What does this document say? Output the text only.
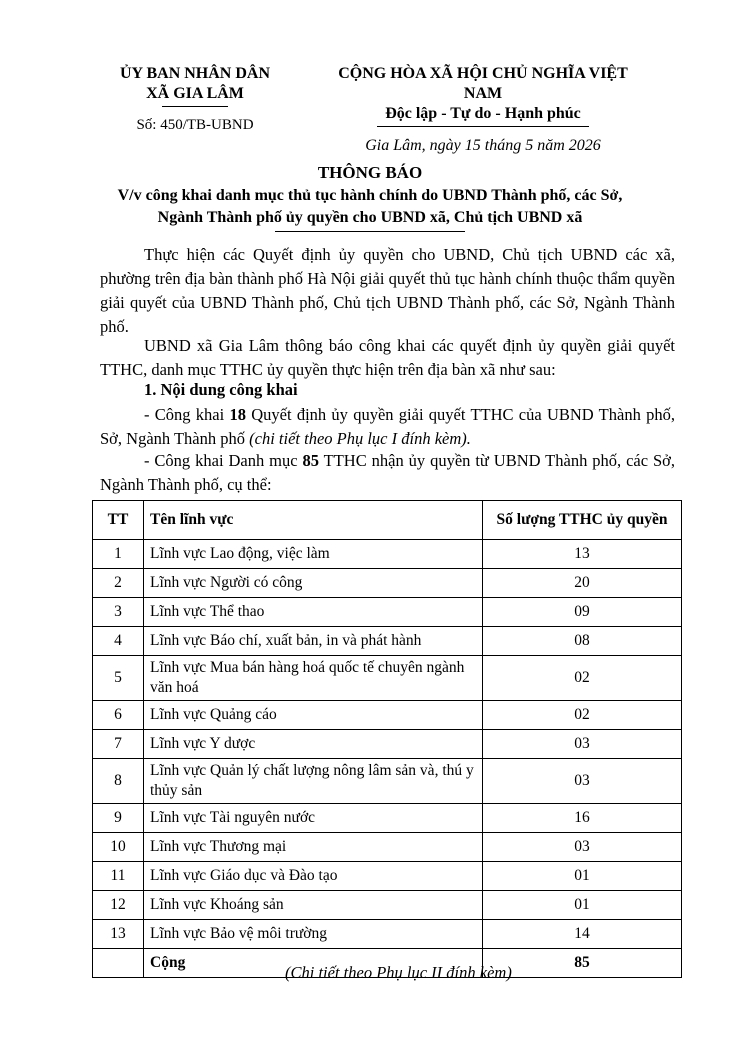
ỦY BAN NHÂN DÂN
XÃ GIA LÂM
Số: 450/TB-UBND
CỘNG HÒA XÃ HỘI CHỦ NGHĨA VIỆT NAM
Độc lập - Tự do - Hạnh phúc
Gia Lâm, ngày 15 tháng 5 năm 2026
THÔNG BÁO
V/v công khai danh mục thủ tục hành chính do UBND Thành phố, các Sở,
Ngành Thành phố ủy quyền cho UBND xã, Chủ tịch UBND xã
Thực hiện các Quyết định ủy quyền cho UBND, Chủ tịch UBND các xã, phường trên địa bàn thành phố Hà Nội giải quyết thủ tục hành chính thuộc thẩm quyền giải quyết của UBND Thành phố, Chủ tịch UBND Thành phố, các Sở, Ngành Thành phố.
UBND xã Gia Lâm thông báo công khai các quyết định ủy quyền giải quyết TTHC, danh mục TTHC ủy quyền thực hiện trên địa bàn xã như sau:
1. Nội dung công khai
- Công khai 18 Quyết định ủy quyền giải quyết TTHC của UBND Thành phố, Sở, Ngành Thành phố (chi tiết theo Phụ lục I đính kèm).
- Công khai Danh mục 85 TTHC nhận ủy quyền từ UBND Thành phố, các Sở, Ngành Thành phố, cụ thể:
TT	Tên lĩnh vực	Số lượng TTHC ủy quyền
1	Lĩnh vực Lao động, việc làm	13
2	Lĩnh vực Người có công	20
3	Lĩnh vực Thể thao	09
4	Lĩnh vực Báo chí, xuất bản, in và phát hành	08
5	Lĩnh vực Mua bán hàng hoá quốc tế chuyên ngành văn hoá	02
6	Lĩnh vực Quảng cáo	02
7	Lĩnh vực Y dược	03
8	Lĩnh vực Quản lý chất lượng nông lâm sản và, thú y thủy sản	03
9	Lĩnh vực Tài nguyên nước	16
10	Lĩnh vực Thương mại	03
11	Lĩnh vực Giáo dục và Đào tạo	01
12	Lĩnh vực Khoáng sản	01
13	Lĩnh vực Bảo vệ môi trường	14
	Cộng	85
(Chi tiết theo Phụ lục II đính kèm)
